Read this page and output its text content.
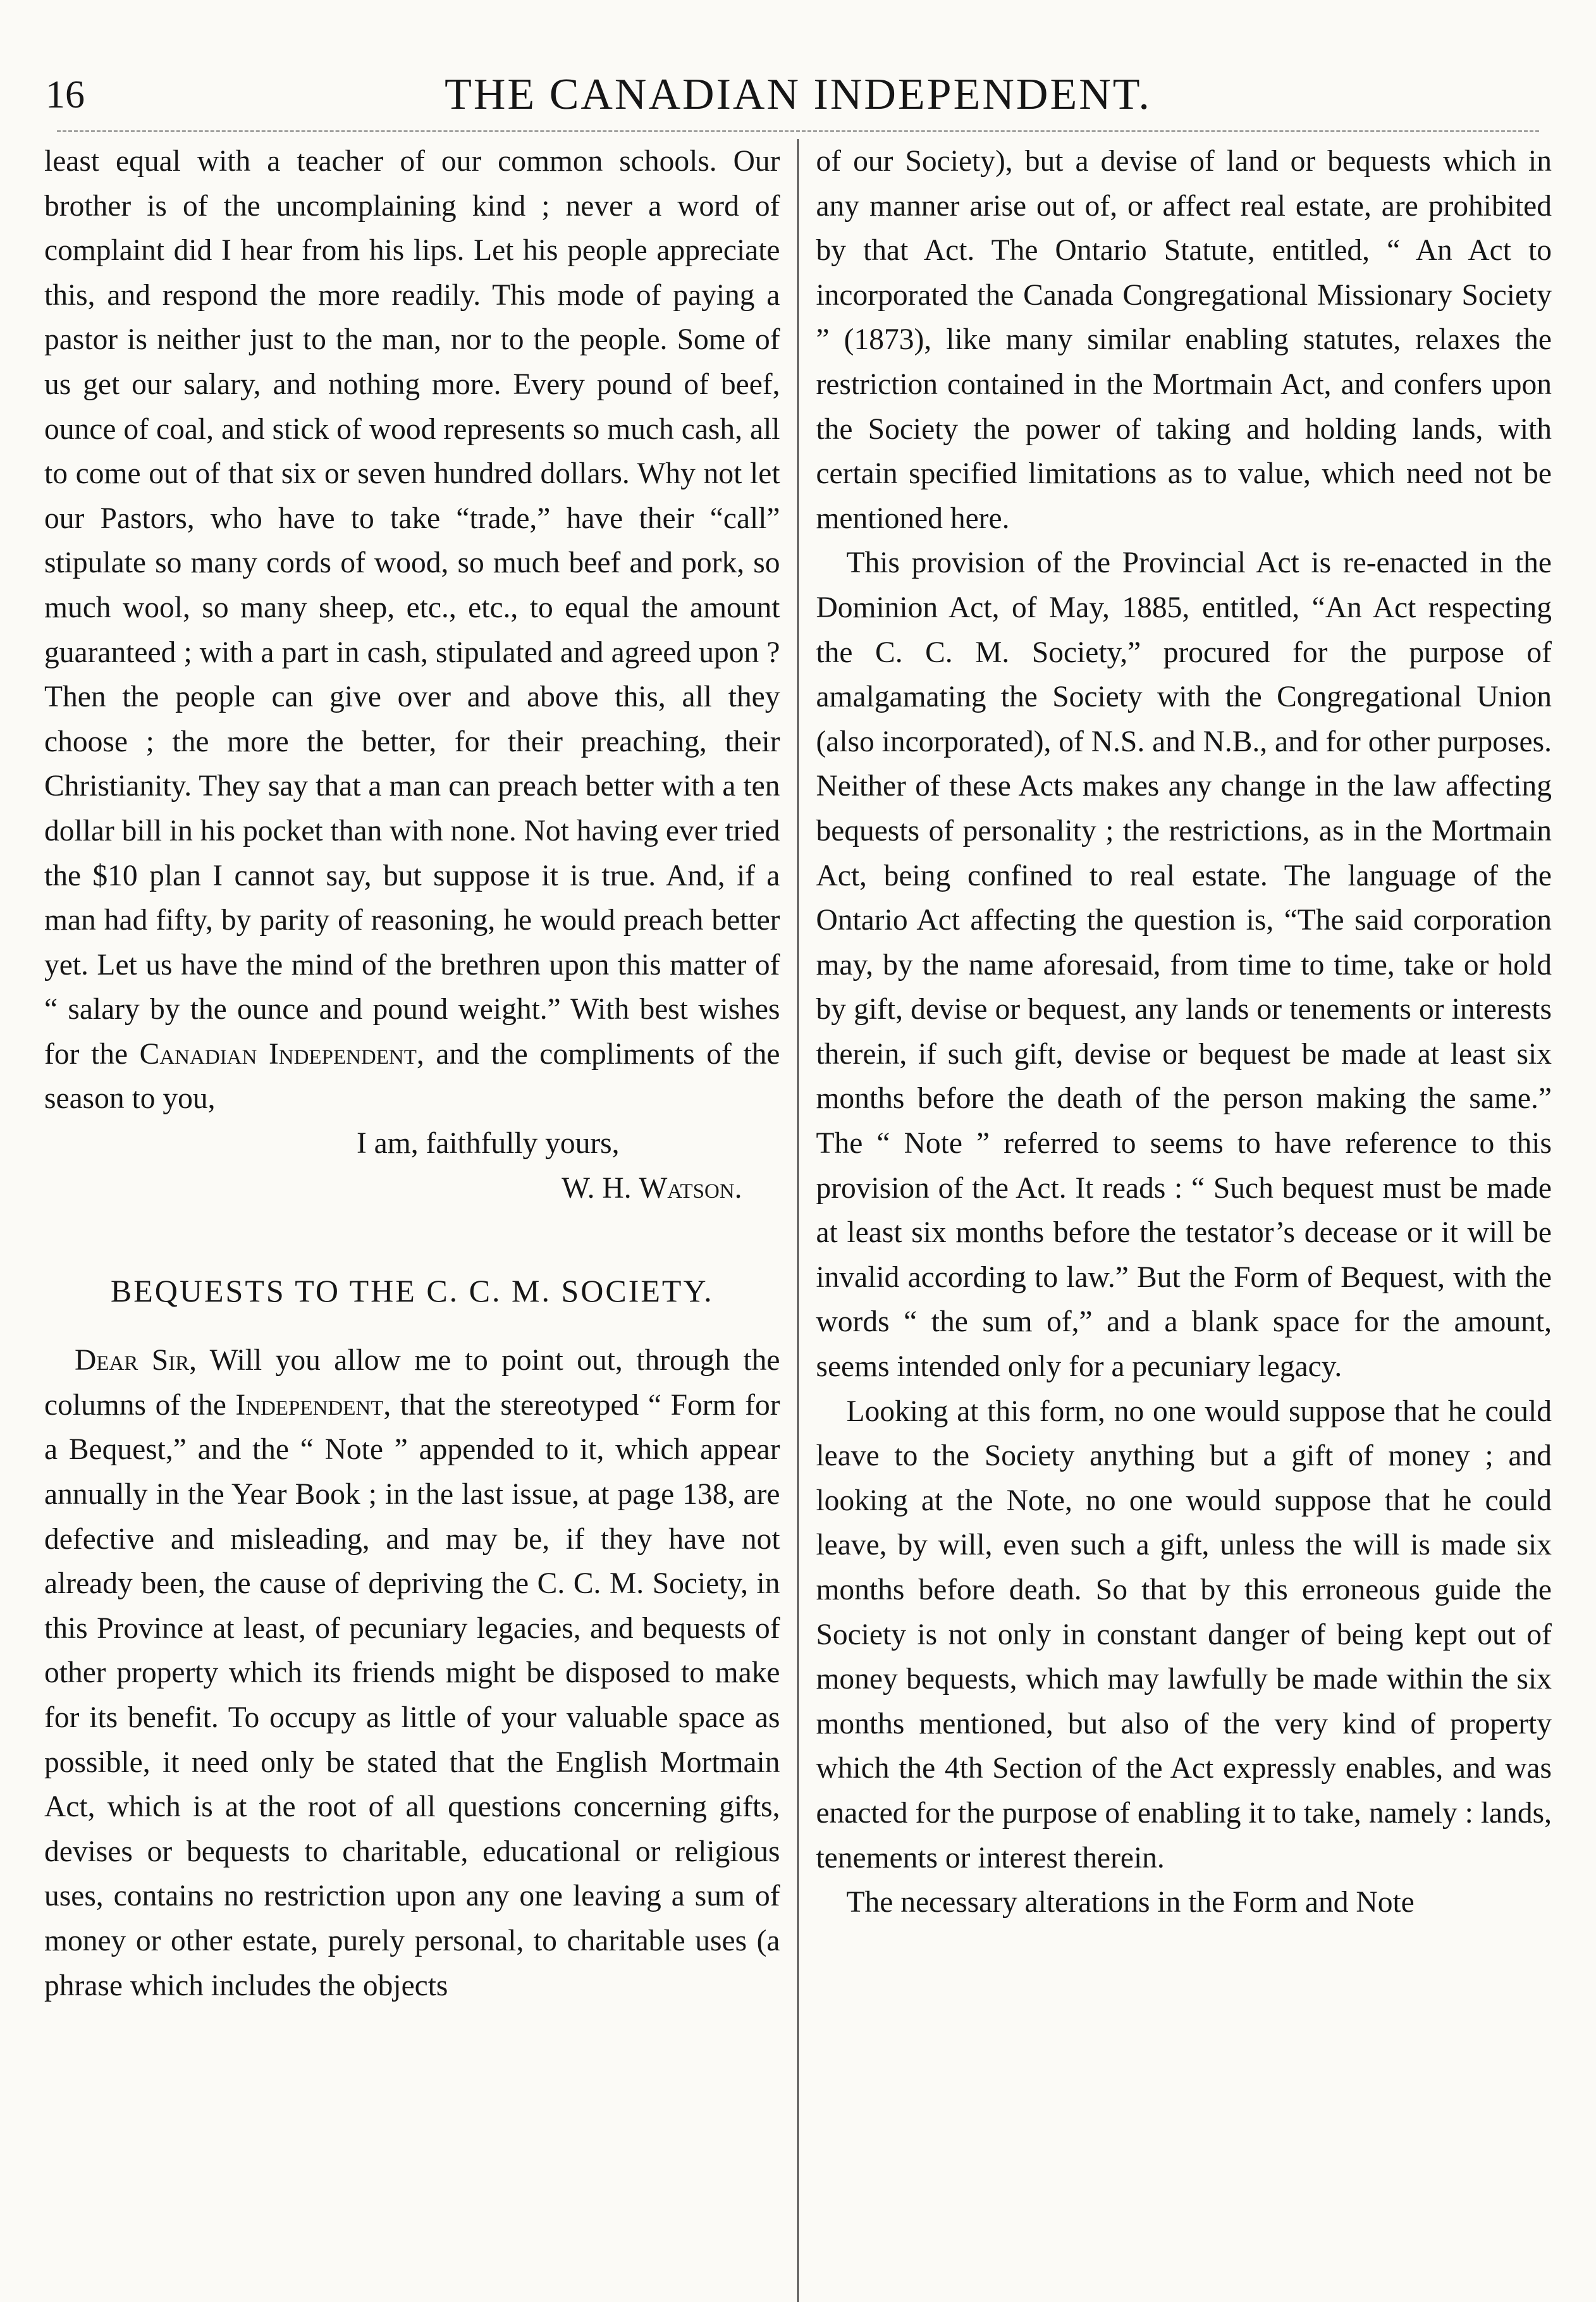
16	THE CANADIAN INDEPENDENT.

least equal with a teacher of our common schools. Our brother is of the uncomplaining kind ; never a word of complaint did I hear from his lips. Let his people appreciate this, and respond the more readily. This mode of paying a pastor is neither just to the man, nor to the people. Some of us get our salary, and nothing more. Every pound of beef, ounce of coal, and stick of wood represents so much cash, all to come out of that six or seven hundred dollars. Why not let our Pastors, who have to take “trade,” have their “call” stipulate so many cords of wood, so much beef and pork, so much wool, so many sheep, etc., etc., to equal the amount guaranteed ; with a part in cash, stipulated and agreed upon ? Then the people can give over and above this, all they choose ; the more the better, for their preaching, their Christianity. They say that a man can preach better with a ten dollar bill in his pocket than with none. Not having ever tried the $10 plan I cannot say, but suppose it is true. And, if a man had fifty, by parity of reasoning, he would preach better yet. Let us have the mind of the brethren upon this matter of “ salary by the ounce and pound weight.” With best wishes for the Canadian Independent, and the compliments of the season to you,

I am, faithfully yours,

W. H. Watson.

BEQUESTS TO THE C. C. M. SOCIETY.

Dear Sir, Will you allow me to point out, through the columns of the Independent, that the stereotyped “ Form for a Bequest,” and the “ Note ” appended to it, which appear annually in the Year Book ; in the last issue, at page 138, are defective and misleading, and may be, if they have not already been, the cause of depriving the C. C. M. Society, in this Province at least, of pecuniary legacies, and bequests of other property which its friends might be disposed to make for its benefit. To occupy as little of your valuable space as possible, it need only be stated that the English Mortmain Act, which is at the root of all questions concerning gifts, devises or bequests to charitable, educational or religious uses, contains no restriction upon any one leaving a sum of money or other estate, purely personal, to charitable uses (a phrase which includes the objects

of our Society), but a devise of land or bequests which in any manner arise out of, or affect real estate, are prohibited by that Act. The Ontario Statute, entitled, “ An Act to incorporated the Canada Congregational Missionary Society ” (1873), like many similar enabling statutes, relaxes the restriction contained in the Mortmain Act, and confers upon the Society the power of taking and holding lands, with certain specified limitations as to value, which need not be mentioned here.

This provision of the Provincial Act is re-enacted in the Dominion Act, of May, 1885, entitled, “An Act respecting the C. C. M. Society,” procured for the purpose of amalgamating the Society with the Congregational Union (also incorporated), of N.S. and N.B., and for other purposes. Neither of these Acts makes any change in the law affecting bequests of personality ; the restrictions, as in the Mortmain Act, being confined to real estate. The language of the Ontario Act affecting the question is, “The said corporation may, by the name aforesaid, from time to time, take or hold by gift, devise or bequest, any lands or tenements or interests therein, if such gift, devise or bequest be made at least six months before the death of the person making the same.” The “ Note ” referred to seems to have reference to this provision of the Act. It reads : “ Such bequest must be made at least six months before the testator’s decease or it will be invalid according to law.” But the Form of Bequest, with the words “ the sum of,” and a blank space for the amount, seems intended only for a pecuniary legacy.

Looking at this form, no one would suppose that he could leave to the Society anything but a gift of money ; and looking at the Note, no one would suppose that he could leave, by will, even such a gift, unless the will is made six months before death. So that by this erroneous guide the Society is not only in constant danger of being kept out of money bequests, which may lawfully be made within the six months mentioned, but also of the very kind of property which the 4th Section of the Act expressly enables, and was enacted for the purpose of enabling it to take, namely : lands, tenements or interest therein.

The necessary alterations in the Form and Note
